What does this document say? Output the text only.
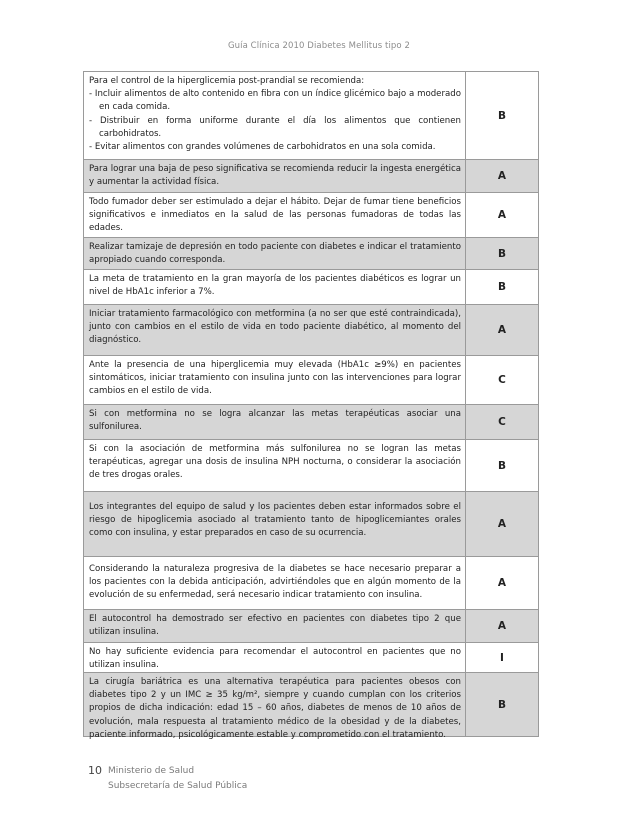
Guía Clínica 2010 Diabetes Mellitus tipo 2
Para el control de la hiperglicemia post-prandial se recomienda:
- Incluir alimentos de alto contenido en fibra con un índice glicémico bajo a moderado en cada comida.
- Distribuir en forma uniforme durante el día los alimentos que contienen carbohidratos.
- Evitar alimentos con grandes volúmenes de carbohidratos en una sola comida.
B
Para lograr una baja de peso significativa se recomienda reducir la ingesta energética y aumentar la actividad física.
A
Todo fumador deber ser estimulado a dejar el hábito. Dejar de fumar tiene beneficios significativos e inmediatos en la salud de las personas fumadoras de todas las edades.
A
Realizar tamizaje de depresión en todo paciente con diabetes e indicar el tratamiento apropiado cuando corresponda.
B
La meta de tratamiento en la gran mayoría de los pacientes diabéticos es lograr un nivel de HbA1c inferior a 7%.	B
Iniciar tratamiento farmacológico con metformina (a no ser que esté contraindicada), junto con cambios en el estilo de vida en todo paciente diabético, al momento del diagnóstico.
A
Ante la presencia de una hiperglicemia muy elevada (HbA1c ≥9%) en pacientes sintomáticos, iniciar tratamiento con insulina junto con las intervenciones para lograr cambios en el estilo de vida.
C
Si con metformina no se logra alcanzar las metas terapéuticas asociar una sulfonilurea.	C
Si con la asociación de metformina más sulfonilurea no se logran las metas terapéuticas, agregar una dosis de insulina NPH nocturna, o considerar la asociación de tres drogas orales.
B
Los integrantes del equipo de salud y los pacientes deben estar informados sobre el riesgo de hipoglicemia asociado al tratamiento tanto de hipoglicemiantes orales como con insulina, y estar preparados en caso de su ocurrencia.
A
Considerando la naturaleza progresiva de la diabetes se hace necesario preparar a los pacientes con la debida anticipación, advirtiéndoles que en algún momento de la evolución de su enfermedad, será necesario indicar tratamiento con insulina.
A
El autocontrol ha demostrado ser efectivo en pacientes con diabetes tipo 2 que utilizan insulina.
A
No hay suficiente evidencia para recomendar el autocontrol en pacientes que no utilizan insulina.
I
La cirugía bariátrica es una alternativa terapéutica para pacientes obesos con diabetes tipo 2 y un IMC ≥ 35 kg/m², siempre y cuando cumplan con los criterios propios de dicha indicación: edad 15 – 60 años, diabetes de menos de 10 años de evolución, mala respuesta al tratamiento médico de la obesidad y de la diabetes, paciente informado, psicológicamente estable y comprometido con el tratamiento.
B
10 Ministerio de Salud
Subsecretaría de Salud Pública
